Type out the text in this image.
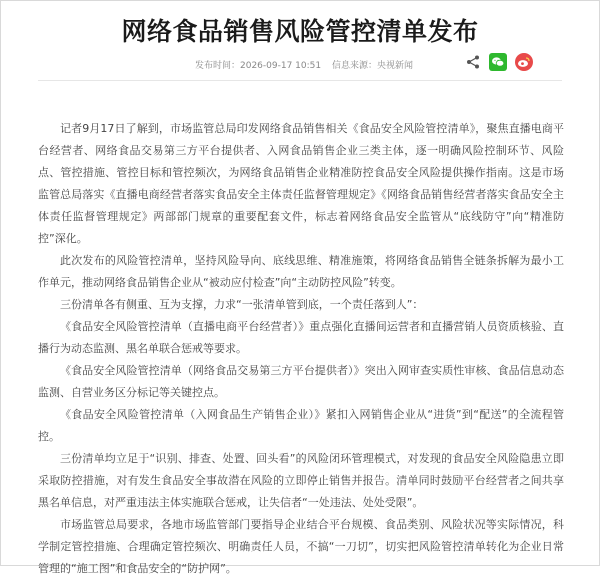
网络食品销售风险管控清单发布
发布时间：2026-09-17 10:51 信息来源：央视新闻

记者9月17日了解到，市场监管总局印发网络食品销售相关《食品安全风险管控清单》，聚焦直播电商平台经营者、网络食品交易第三方平台提供者、入网食品销售企业三类主体，逐一明确风险控制环节、风险点、管控措施、管控目标和管控频次，为网络食品销售企业精准防控食品安全风险提供操作指南。这是市场监管总局落实《直播电商经营者落实食品安全主体责任监督管理规定》《网络食品销售经营者落实食品安全主体责任监督管理规定》两部部门规章的重要配套文件，标志着网络食品安全监管从“底线防守”向“精准防控”深化。

此次发布的风险管控清单，坚持风险导向、底线思维、精准施策，将网络食品销售全链条拆解为最小工作单元，推动网络食品销售企业从“被动应付检查”向“主动防控风险”转变。

三份清单各有侧重、互为支撑，力求“一张清单管到底，一个责任落到人”：

《食品安全风险管控清单（直播电商平台经营者）》重点强化直播间运营者和直播营销人员资质核验、直播行为动态监测、黑名单联合惩戒等要求。

《食品安全风险管控清单（网络食品交易第三方平台提供者）》突出入网审查实质性审核、食品信息动态监测、自营业务区分标记等关键控点。

《食品安全风险管控清单（入网食品生产销售企业）》紧扣入网销售企业从“进货”到“配送”的全流程管控。

三份清单均立足于“识别、排查、处置、回头看”的风险闭环管理模式，对发现的食品安全风险隐患立即采取防控措施，对有发生食品安全事故潜在风险的立即停止销售并报告。清单同时鼓励平台经营者之间共享黑名单信息，对严重违法主体实施联合惩戒，让失信者“一处违法、处处受限”。

市场监管总局要求，各地市场监管部门要指导企业结合平台规模、食品类别、风险状况等实际情况，科学制定管控措施、合理确定管控频次、明确责任人员，不搞“一刀切”，切实把风险管控清单转化为企业日常管理的“施工图”和食品安全的“防护网”。
